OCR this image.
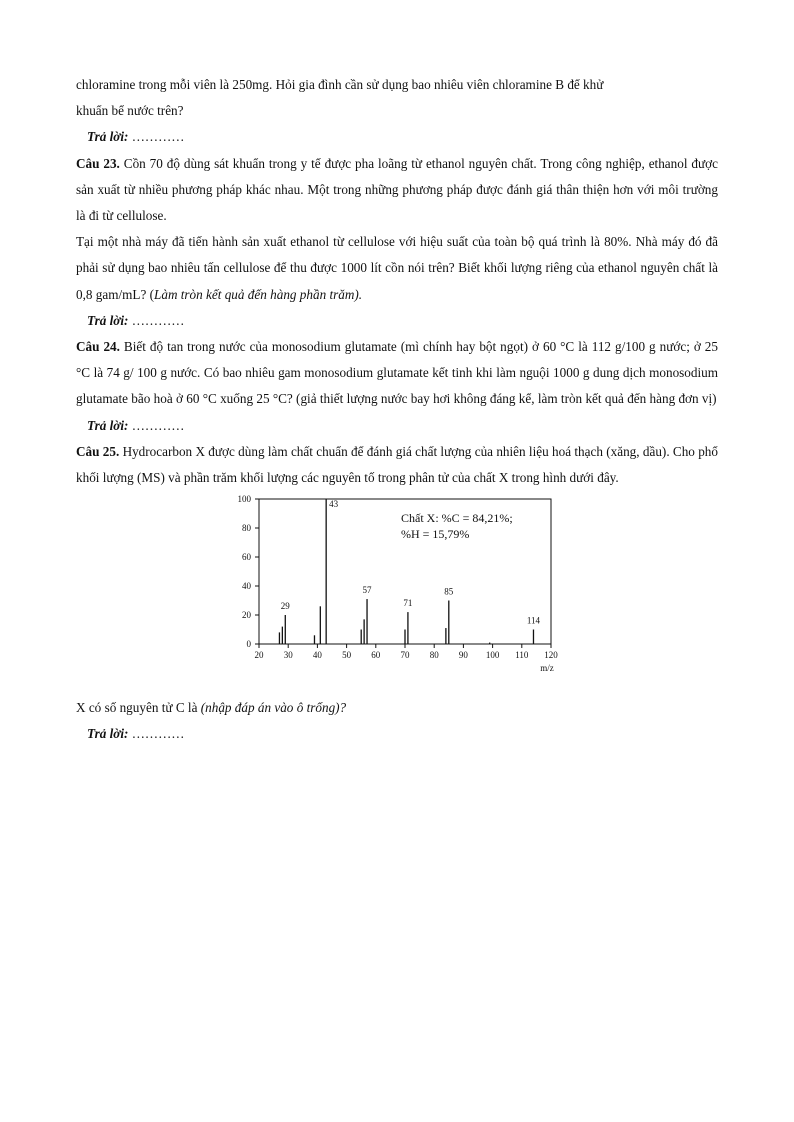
chloramine trong mỗi viên là 250mg. Hỏi gia đình cần sử dụng bao nhiêu viên chloramine B để khử

khuẩn bể nước trên?

Trả lời: …………

Câu 23. Cồn 70 độ dùng sát khuẩn trong y tế được pha loãng từ ethanol nguyên chất. Trong công nghiệp, ethanol được sản xuất từ nhiều phương pháp khác nhau. Một trong những phương pháp được đánh giá thân thiện hơn với môi trường là đi từ cellulose.

Tại một nhà máy đã tiến hành sản xuất ethanol từ cellulose với hiệu suất của toàn bộ quá trình là 80%. Nhà máy đó đã phải sử dụng bao nhiêu tấn cellulose để thu được 1000 lít cồn nói trên? Biết khối lượng riêng của ethanol nguyên chất là 0,8 gam/mL? (Làm tròn kết quả đến hàng phần trăm).

Trả lời: …………

Câu 24. Biết độ tan trong nước của monosodium glutamate (mì chính hay bột ngọt) ở 60 °C là 112 g/100 g nước; ở 25 °C là 74 g/ 100 g nước. Có bao nhiêu gam monosodium glutamate kết tinh khi làm nguội 1000 g dung dịch monosodium glutamate bão hoà ở 60 °C xuống 25 °C? (giả thiết lượng nước bay hơi không đáng kể, làm tròn kết quả đến hàng đơn vị)

Trả lời: …………

Câu 25. Hydrocarbon X được dùng làm chất chuẩn để đánh giá chất lượng của nhiên liệu hoá thạch (xăng, dầu). Cho phổ khối lượng (MS) và phần trăm khối lượng các nguyên tố trong phân tử của chất X trong hình dưới đây.

0
20
40
60
80
100
20 30 40 50 60 70 80 90 100 110 120
29
43
57
71
85
114
Chất X: %C = 84,21%;
%H = 15,79%
m/z

X có số nguyên tử C là (nhập đáp án vào ô trống)?

Trả lời: …………
